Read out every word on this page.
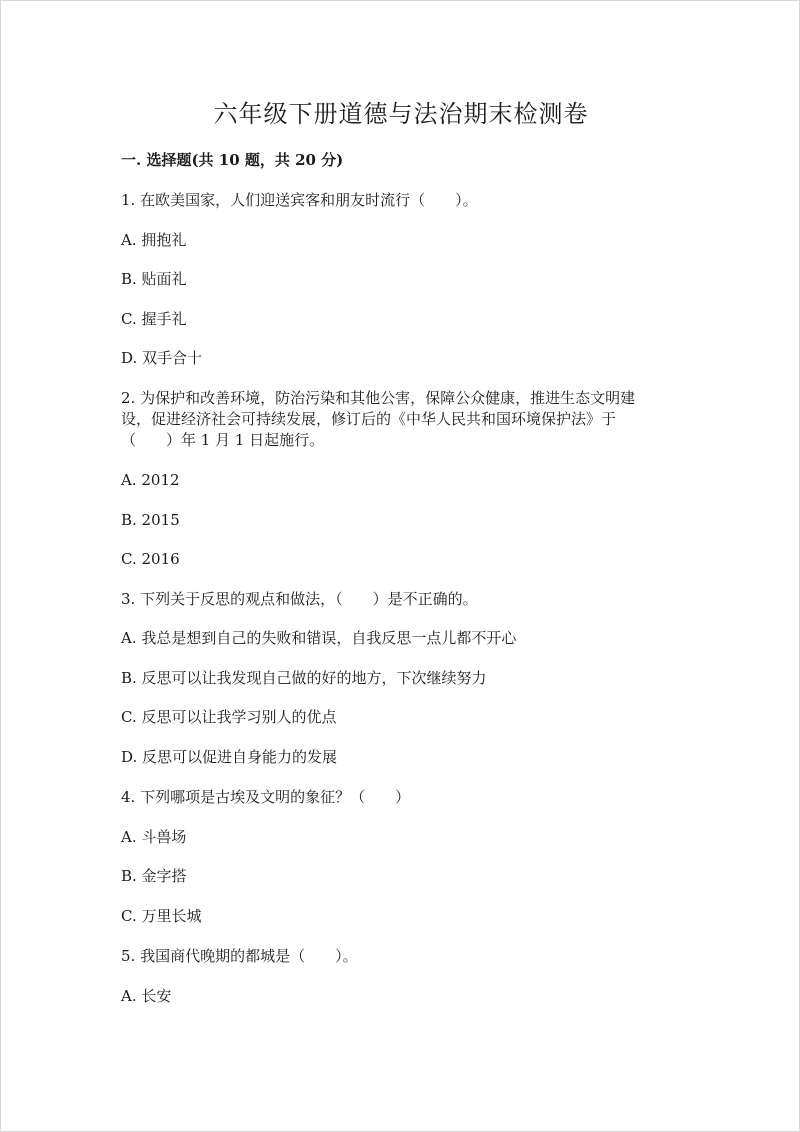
六年级下册道德与法治期末检测卷
一. 选择题(共 10 题，共 20 分)
1. 在欧美国家，人们迎送宾客和朋友时流行（　　）。
A. 拥抱礼
B. 贴面礼
C. 握手礼
D. 双手合十
2. 为保护和改善环境，防治污染和其他公害，保障公众健康，推进生态文明建
设，促进经济社会可持续发展，修订后的《中华人民共和国环境保护法》于
（　　）年 1 月 1 日起施行。
A. 2012
B. 2015
C. 2016
3. 下列关于反思的观点和做法，（　　）是不正确的。
A. 我总是想到自己的失败和错误，自我反思一点儿都不开心
B. 反思可以让我发现自己做的好的地方，下次继续努力
C. 反思可以让我学习别人的优点
D. 反思可以促进自身能力的发展
4. 下列哪项是古埃及文明的象征？（　　）
A. 斗兽场
B. 金字搭
C. 万里长城
5. 我国商代晚期的都城是（　　）。
A. 长安
